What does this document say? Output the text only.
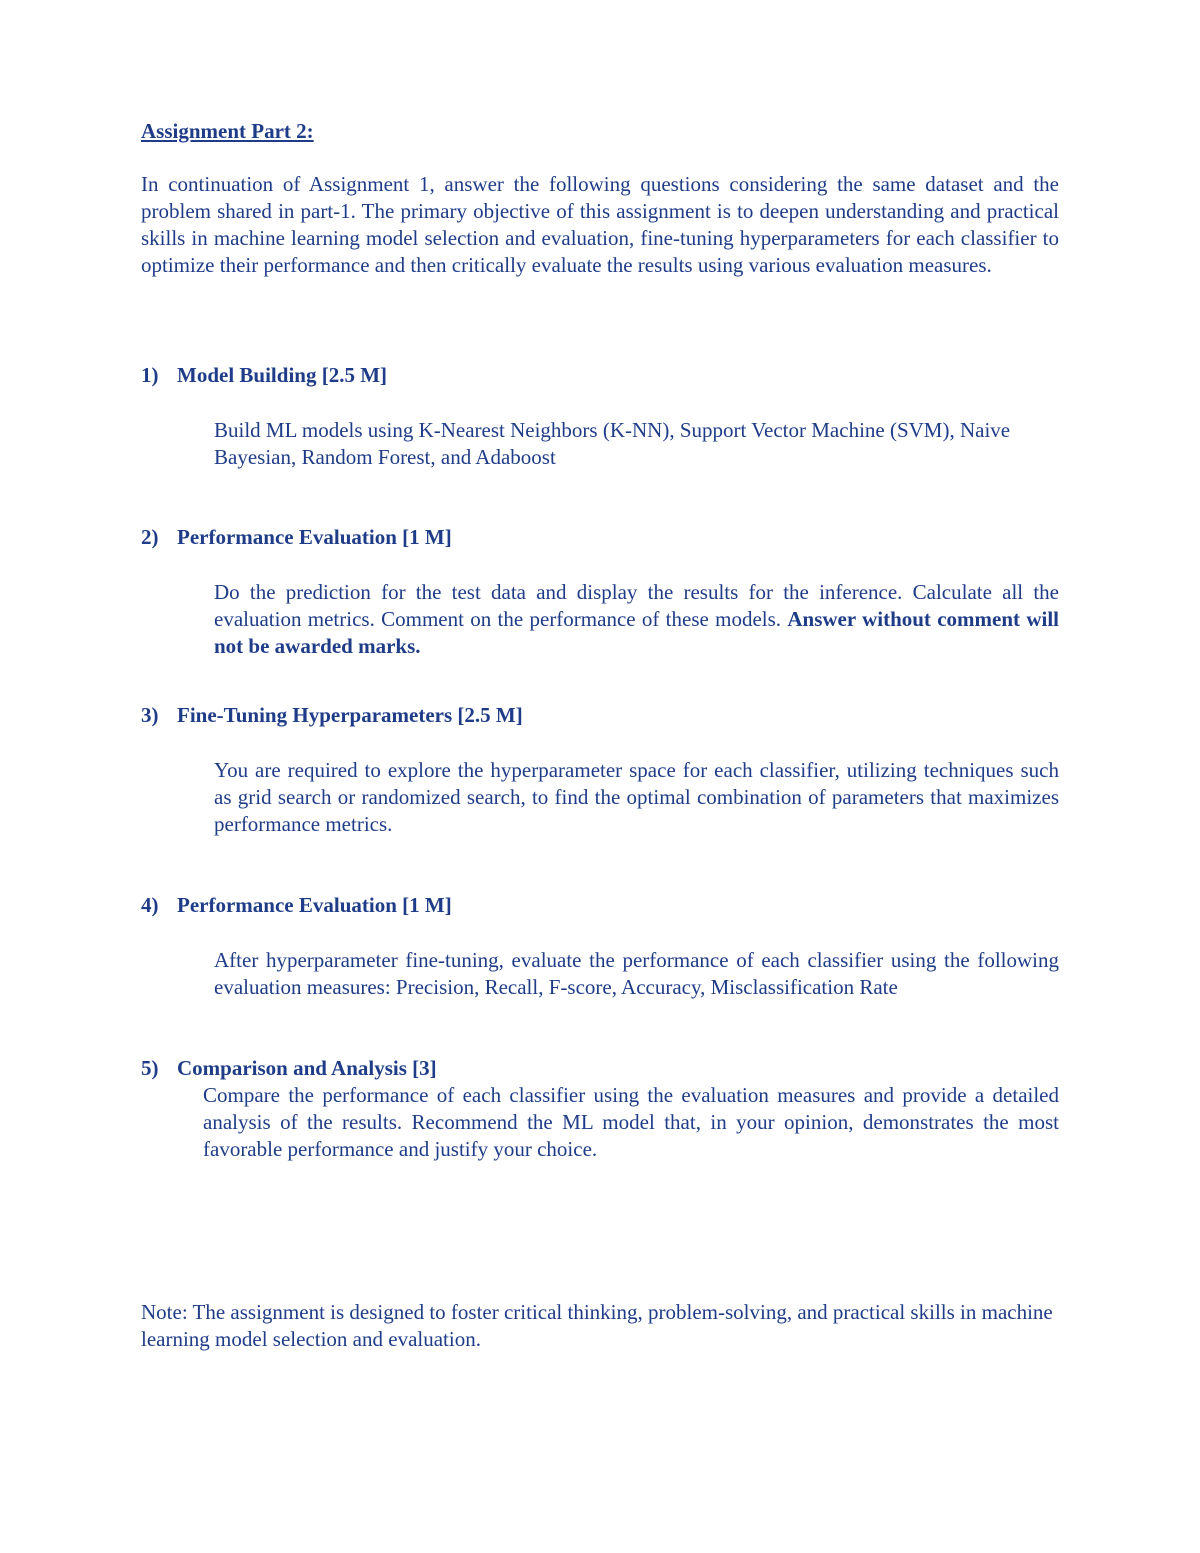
Assignment Part 2:
In continuation of Assignment 1, answer the following questions considering the same dataset and the problem shared in part-1. The primary objective of this assignment is to deepen understanding and practical skills in machine learning model selection and evaluation, fine-tuning hyperparameters for each classifier to optimize their performance and then critically evaluate the results using various evaluation measures.
1) Model Building [2.5 M]
Build ML models using K-Nearest Neighbors (K-NN), Support Vector Machine (SVM), Naive Bayesian, Random Forest, and Adaboost
2) Performance Evaluation [1 M]
Do the prediction for the test data and display the results for the inference. Calculate all the evaluation metrics. Comment on the performance of these models. Answer without comment will not be awarded marks.
3) Fine-Tuning Hyperparameters [2.5 M]
You are required to explore the hyperparameter space for each classifier, utilizing techniques such as grid search or randomized search, to find the optimal combination of parameters that maximizes performance metrics.
4) Performance Evaluation [1 M]
After hyperparameter fine-tuning, evaluate the performance of each classifier using the following evaluation measures: Precision, Recall, F-score, Accuracy, Misclassification Rate
5) Comparison and Analysis [3]
Compare the performance of each classifier using the evaluation measures and provide a detailed analysis of the results. Recommend the ML model that, in your opinion, demonstrates the most favorable performance and justify your choice.
Note: The assignment is designed to foster critical thinking, problem-solving, and practical skills in machine learning model selection and evaluation.
